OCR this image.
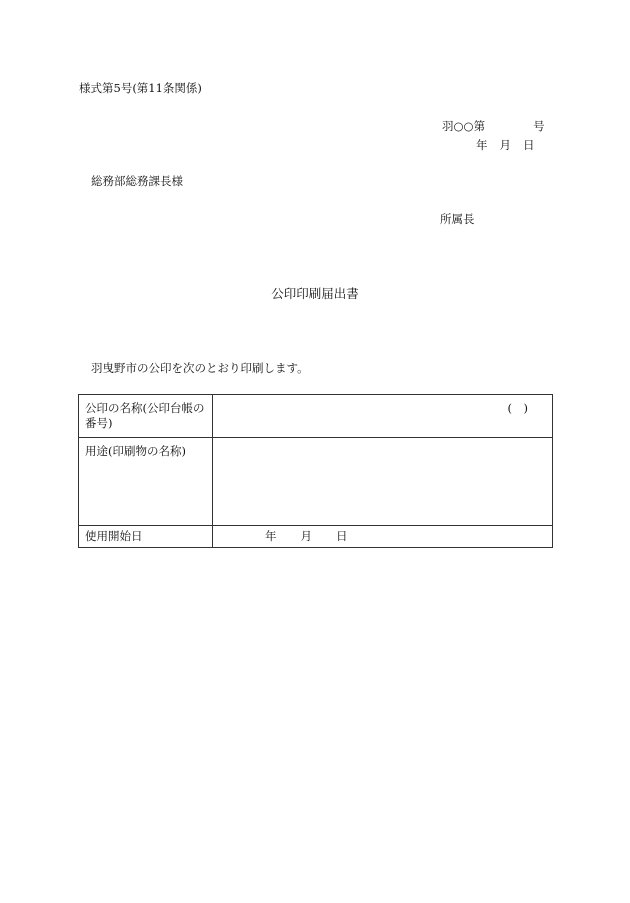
様式第5号(第11条関係)
羽○○第	号
年 月 日
総務部総務課長様
所属長
公印印刷届出書
羽曳野市の公印を次のとおり印刷します。
公印の名称(公印台帳の番号)	(　)

用途(印刷物の名称)	
使用開始日	年 月 日
